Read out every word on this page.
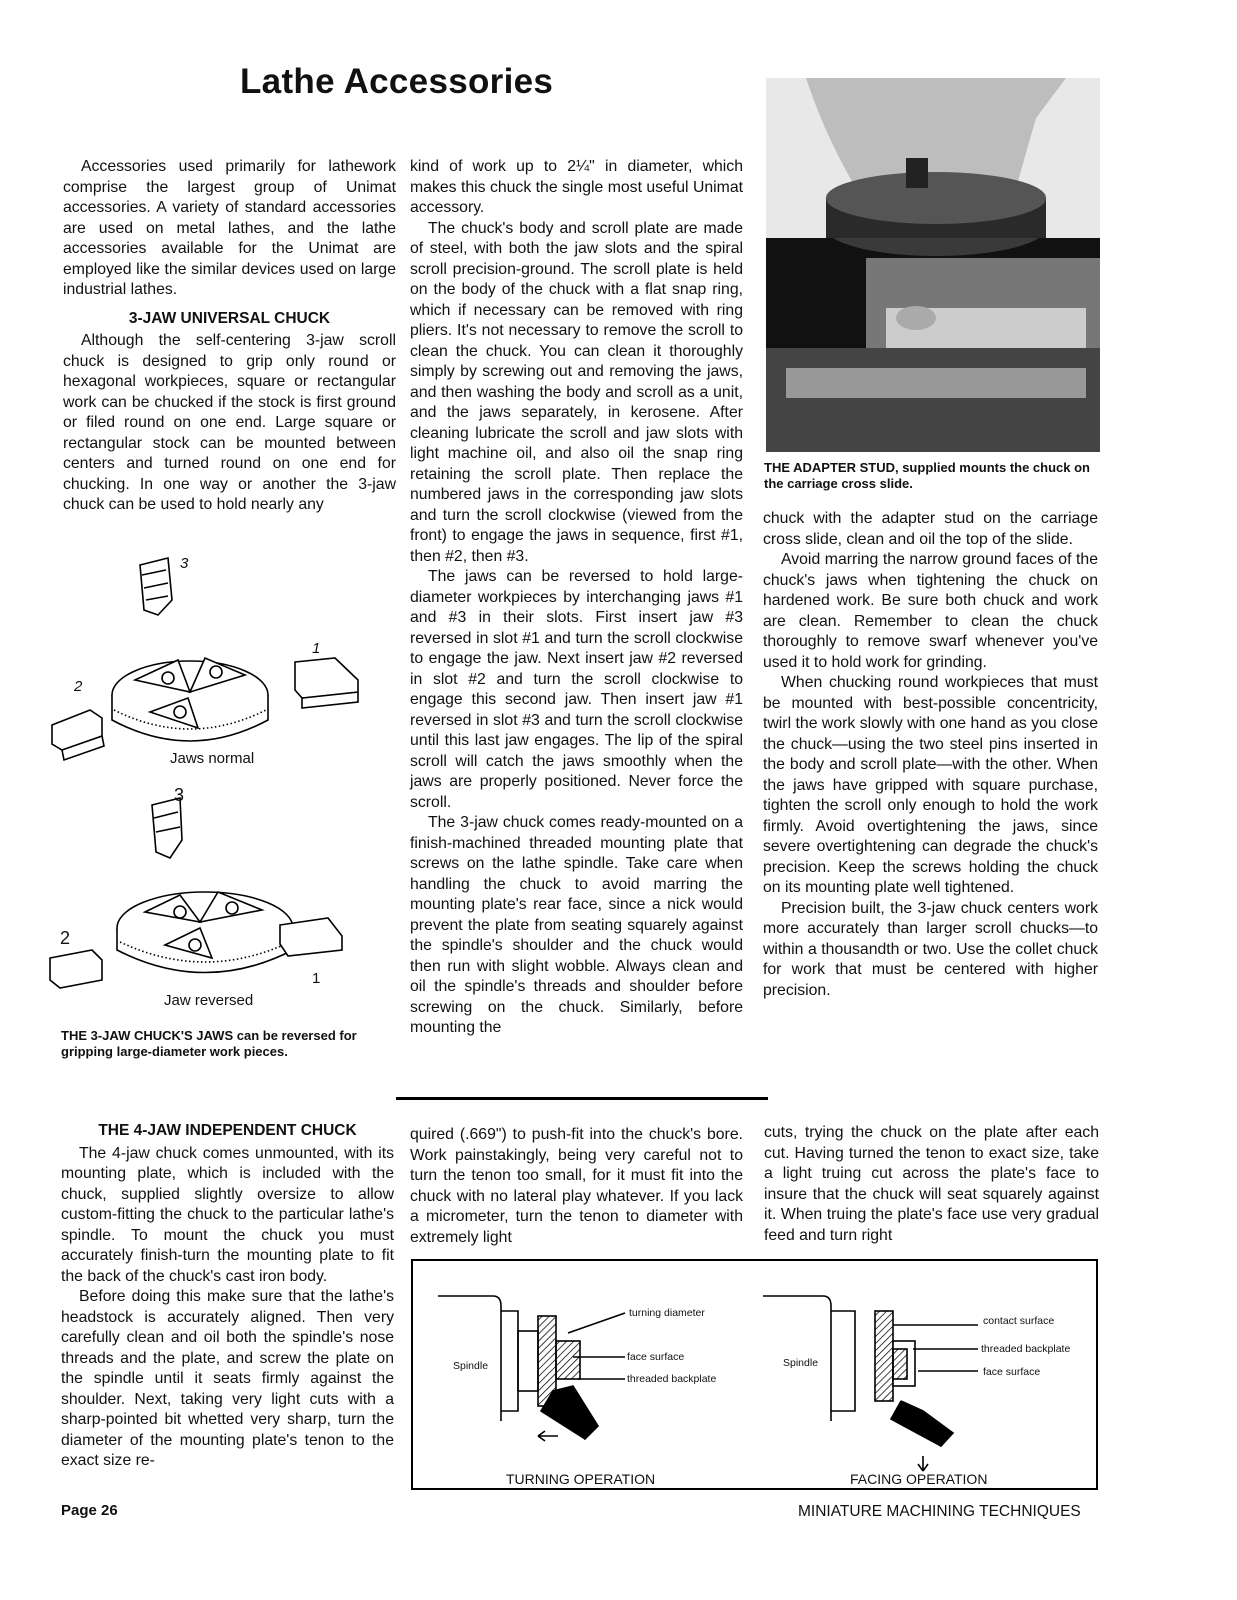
Lathe Accessories

Accessories used primarily for lathework comprise the largest group of Unimat accessories. A variety of standard accessories are used on metal lathes, and the lathe accessories available for the Unimat are employed like the similar devices used on large industrial lathes.

3-JAW UNIVERSAL CHUCK

Although the self-centering 3-jaw scroll chuck is designed to grip only round or hexagonal workpieces, square or rectangular work can be chucked if the stock is first ground or filed round on one end. Large square or rectangular stock can be mounted between centers and turned round on one end for chucking. In one way or another the 3-jaw chuck can be used to hold nearly any

3
1
2
Jaws normal
3
2
1
Jaw reversed
THE 3-JAW CHUCK'S JAWS can be reversed for gripping large-diameter work pieces.

kind of work up to 2¼" in diameter, which makes this chuck the single most useful Unimat accessory.

The chuck's body and scroll plate are made of steel, with both the jaw slots and the spiral scroll precision-ground. The scroll plate is held on the body of the chuck with a flat snap ring, which if necessary can be removed with ring pliers. It's not necessary to remove the scroll to clean the chuck. You can clean it thoroughly simply by screwing out and removing the jaws, and then washing the body and scroll as a unit, and the jaws separately, in kerosene. After cleaning lubricate the scroll and jaw slots with light machine oil, and also oil the snap ring retaining the scroll plate. Then replace the numbered jaws in the corresponding jaw slots and turn the scroll clockwise (viewed from the front) to engage the jaws in sequence, first #1, then #2, then #3.

The jaws can be reversed to hold large-diameter workpieces by interchanging jaws #1 and #3 in their slots. First insert jaw #3 reversed in slot #1 and turn the scroll clockwise to engage the jaw. Next insert jaw #2 reversed in slot #2 and turn the scroll clockwise to engage this second jaw. Then insert jaw #1 reversed in slot #3 and turn the scroll clockwise until this last jaw engages. The lip of the spiral scroll will catch the jaws smoothly when the jaws are properly positioned. Never force the scroll.

The 3-jaw chuck comes ready-mounted on a finish-machined threaded mounting plate that screws on the lathe spindle. Take care when handling the chuck to avoid marring the mounting plate's rear face, since a nick would prevent the plate from seating squarely against the spindle's shoulder and the chuck would then run with slight wobble. Always clean and oil the spindle's threads and shoulder before screwing on the chuck. Similarly, before mounting the

THE ADAPTER STUD, supplied mounts the chuck on the carriage cross slide.

chuck with the adapter stud on the carriage cross slide, clean and oil the top of the slide.

Avoid marring the narrow ground faces of the chuck's jaws when tightening the chuck on hardened work. Be sure both chuck and work are clean. Remember to clean the chuck thoroughly to remove swarf whenever you've used it to hold work for grinding.

When chucking round workpieces that must be mounted with best-possible concentricity, twirl the work slowly with one hand as you close the chuck—using the two steel pins inserted in the body and scroll plate—with the other. When the jaws have gripped with square purchase, tighten the scroll only enough to hold the work firmly. Avoid overtightening the jaws, since severe overtightening can degrade the chuck's precision. Keep the screws holding the chuck on its mounting plate well tightened.

Precision built, the 3-jaw chuck centers work more accurately than larger scroll chucks—to within a thousandth or two. Use the collet chuck for work that must be centered with higher precision.

THE 4-JAW INDEPENDENT CHUCK

The 4-jaw chuck comes unmounted, with its mounting plate, which is included with the chuck, supplied slightly oversize to allow custom-fitting the chuck to the particular lathe's spindle. To mount the chuck you must accurately finish-turn the mounting plate to fit the back of the chuck's cast iron body.

Before doing this make sure that the lathe's headstock is accurately aligned. Then very carefully clean and oil both the spindle's nose threads and the plate, and screw the plate on the spindle until it seats firmly against the shoulder. Next, taking very light cuts with a sharp-pointed bit whetted very sharp, turn the diameter of the mounting plate's tenon to the exact size re-

quired (.669") to push-fit into the chuck's bore. Work painstakingly, being very careful not to turn the tenon too small, for it must fit into the chuck with no lateral play whatever. If you lack a micrometer, turn the tenon to diameter with extremely light

cuts, trying the chuck on the plate after each cut. Having turned the tenon to exact size, take a light truing cut across the plate's face to insure that the chuck will seat squarely against it. When truing the plate's face use very gradual feed and turn right

Spindle
turning diameter
face surface
threaded backplate
TURNING OPERATION
Spindle
contact surface
threaded backplate
face surface
FACING OPERATION
Page 26	MINIATURE MACHINING TECHNIQUES
